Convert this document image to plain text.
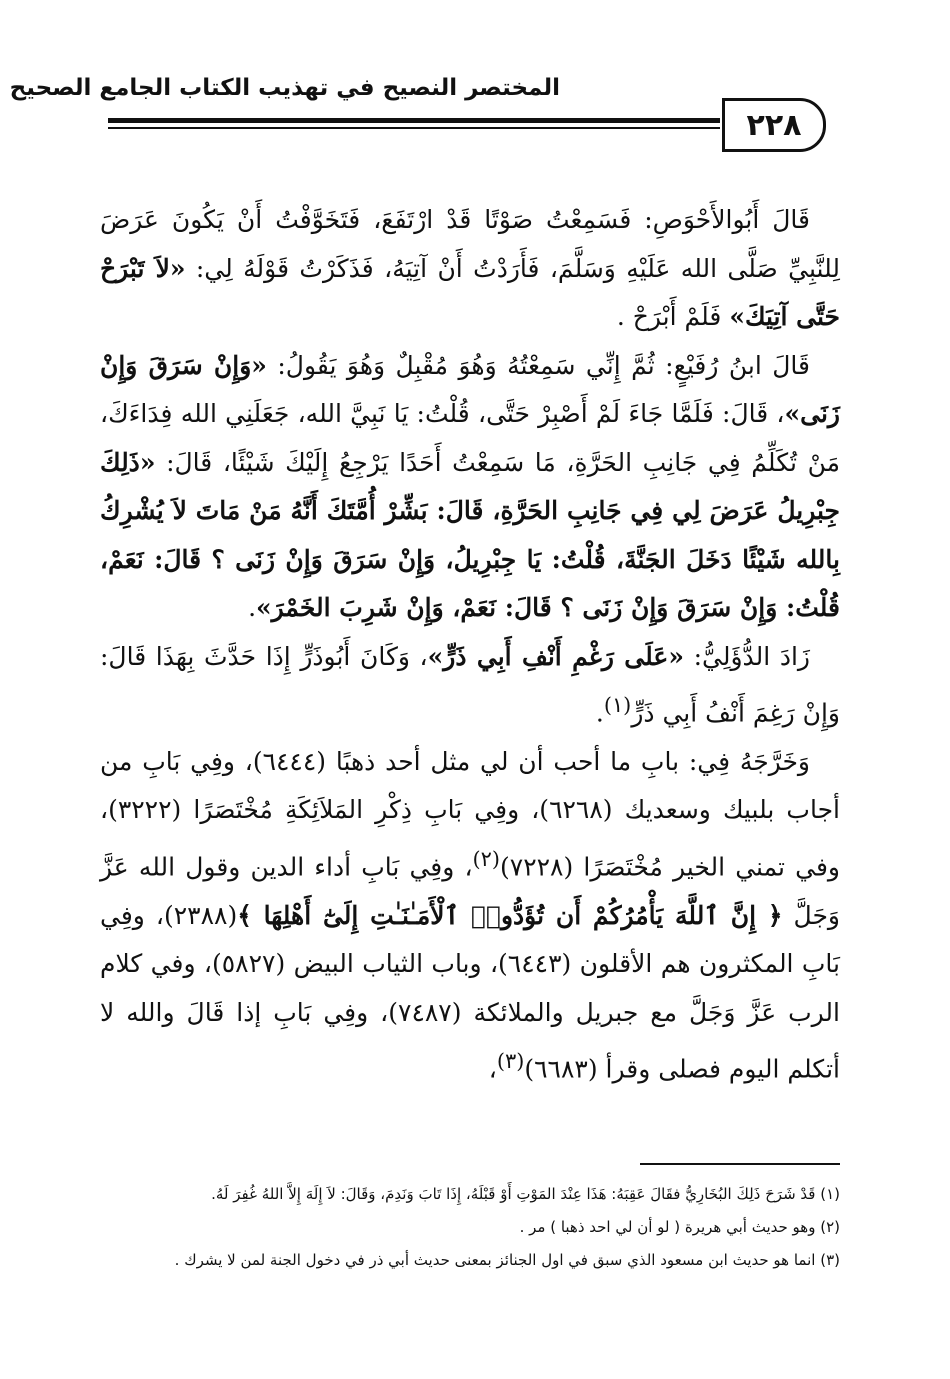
المختصر النصيح في تهذيب الكتاب الجامع الصحيح
٢٢٨

قَالَ أَبُوالأَحْوَصِ: فَسَمِعْتُ صَوْتًا قَدْ ارْتَفَعَ، فَتَخَوَّفْتُ أَنْ يَكُونَ عَرَضَ لِلنَّبِيِّ صَلَّى الله عَلَيْهِ وَسَلَّمَ، فَأَرَدْتُ أَنْ آتِيَهُ، فَذَكَرْتُ قَوْلَهُ لِي: «لاَ تَبْرَحْ حَتَّى آتِيَكَ» فَلَمْ أَبْرَحْ .

قَالَ ابنُ رُفَيْعٍ: ثُمَّ إِنِّي سَمِعْتُهُ وَهُوَ مُقْبِلٌ وَهُوَ يَقُولُ: «وَإِنْ سَرَقَ وَإِنْ زَنَى»، قَالَ: فَلَمَّا جَاءَ لَمْ أَصْبِرْ حَتَّى، قُلْتُ: يَا نَبِيَّ الله، جَعَلَنِي الله فِدَاءَكَ، مَنْ تُكَلِّمُ فِي جَانِبِ الحَرَّةِ، مَا سَمِعْتُ أَحَدًا يَرْجِعُ إِلَيْكَ شَيْئًا، قَالَ: «ذَلِكَ جِبْرِيلُ عَرَضَ لِي فِي جَانِبِ الحَرَّةِ، قَالَ: بَشِّرْ أُمَّتَكَ أَنَّهُ مَنْ مَاتَ لاَ يُشْرِكُ بِالله شَيْئًا دَخَلَ الجَنَّةَ، قُلْتُ: يَا جِبْرِيلُ، وَإِنْ سَرَقَ وَإِنْ زَنَى ؟ قَالَ: نَعَمْ، قُلْتُ: وَإِنْ سَرَقَ وَإِنْ زَنَى ؟ قَالَ: نَعَمْ، وَإِنْ شَرِبَ الخَمْرَ».

زَادَ الدُّؤَلِيُّ: «عَلَى رَغْمِ أَنْفِ أَبِي ذَرٍّ»، وَكَانَ أَبُوذَرٍّ إِذَا حَدَّثَ بِهَذَا قَالَ: وَإِنْ رَغِمَ أَنْفُ أَبِي ذَرٍّ$^{(١)}$.

وَخَرَّجَهُ فِي: بابِ ما أحب أن لي مثل أحد ذهبًا (٦٤٤٤)، وفِي بَابِ من أجاب بلبيك وسعديك (٦٢٦٨)، وفِي بَابِ ذِكْرِ المَلاَئِكَةِ مُخْتَصَرًا (٣٢٢٢)، وفي تمني الخير مُخْتَصَرًا (٧٢٢٨)$^{(٢)}$، وفِي بَابِ أداء الدين وقول الله عَزَّ وَجَلَّ ﴿ إِنَّ ٱللَّهَ يَأْمُرُكُمْ أَن تُؤَدُّوا۟ ٱلْأَمَـٰنَـٰتِ إِلَىٰٓ أَهْلِهَا ﴾(٢٣٨٨)، وفِي بَابِ المكثرون هم الأقلون (٦٤٤٣)، وباب الثياب البيض (٥٨٢٧)، وفي كلام الرب عَزَّ وَجَلَّ مع جبريل والملائكة (٧٤٨٧)، وفِي بَابِ إذا قَالَ والله لا أتكلم اليوم فصلى وقرأ (٦٦٨٣)$^{(٣)}$،

(١) قَدْ شَرَحَ ذَلِكَ البُخَارِيُّ فقَالَ عَقِبَهُ: هَذَا عِنْدَ المَوْتِ أَوْ قَبْلَهُ، إِذَا تَابَ وَنَدِمَ، وَقَالَ: لاَ إِلَهَ إِلاَّ اللهُ غُفِرَ لَهُ.
(٢) وهو حديث أبي هريرة ( لو أن لي احد ذهبا ) مر .
(٣) انما هو حديث ابن مسعود الذي سبق في اول الجنائز بمعنى حديث أبي ذر في دخول الجنة لمن لا يشرك .
